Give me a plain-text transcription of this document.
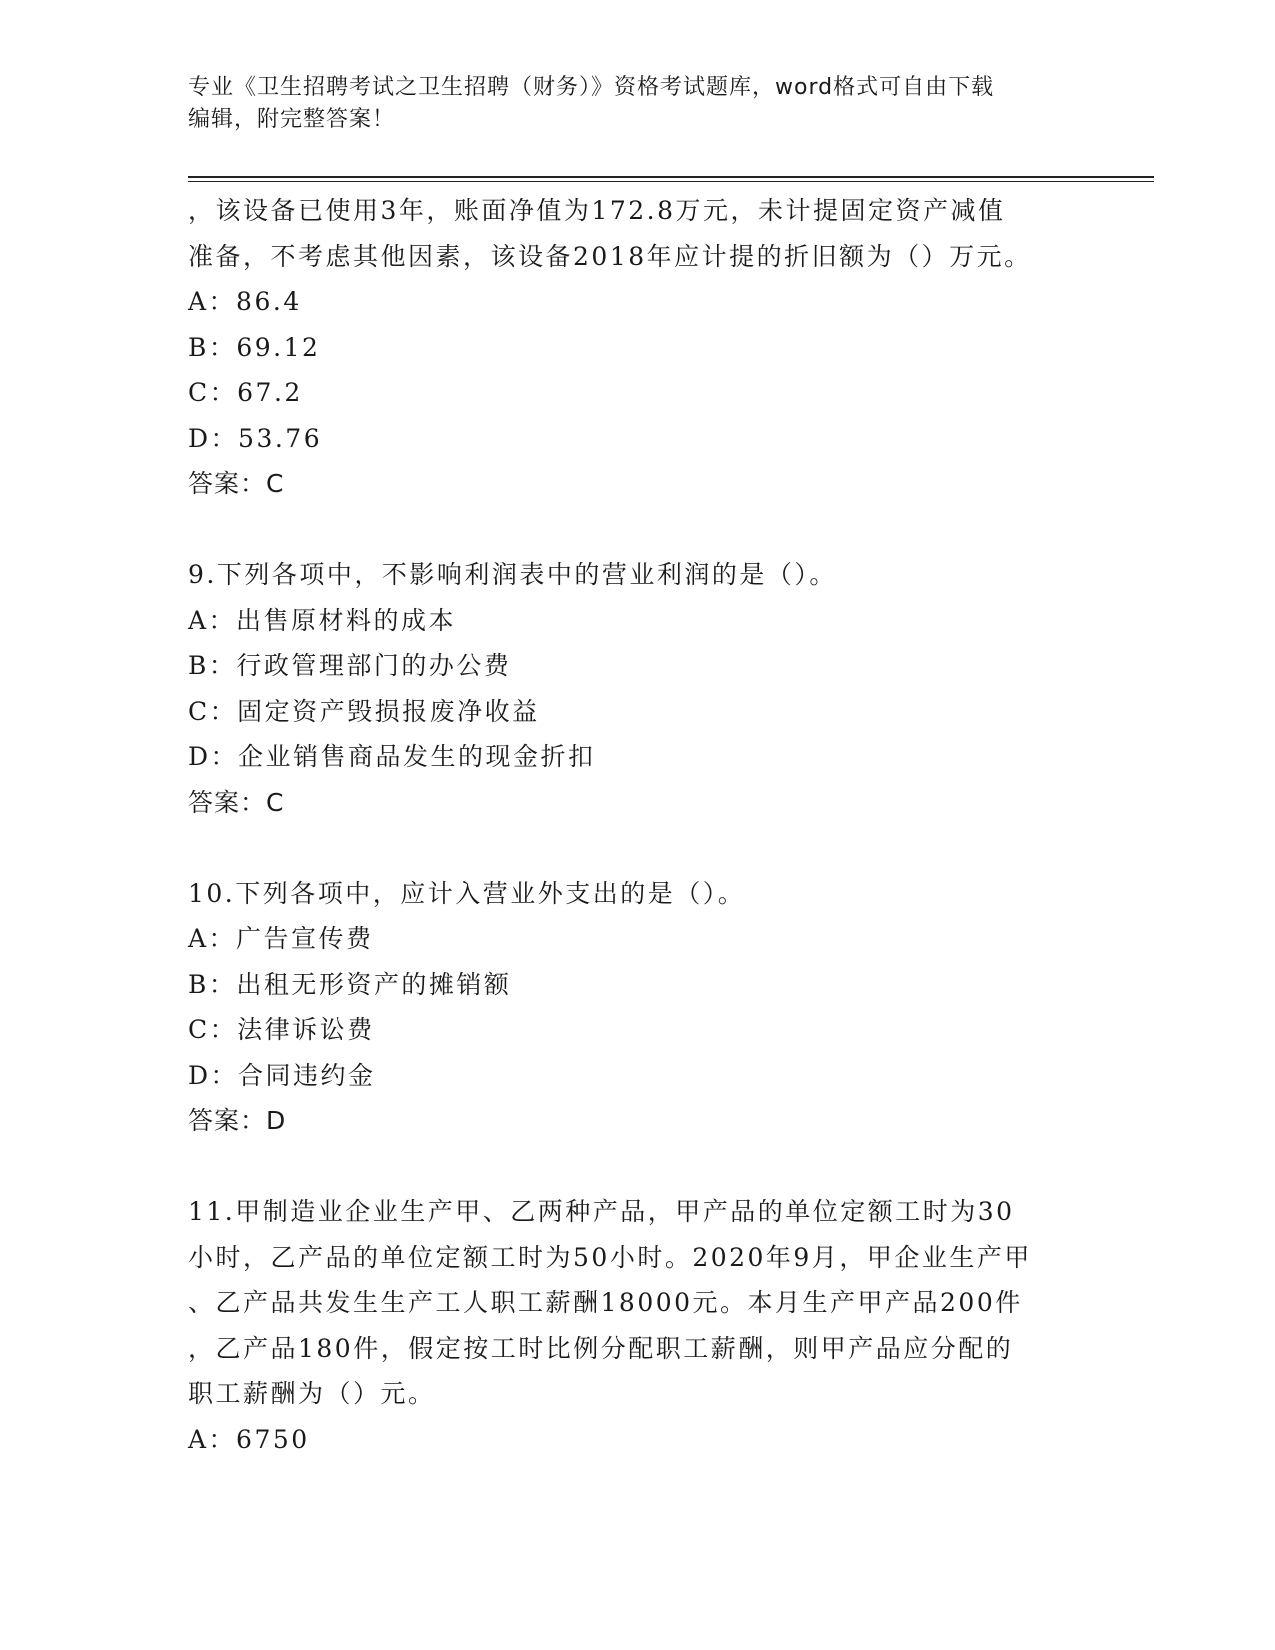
专业《卫生招聘考试之卫生招聘（财务）》资格考试题库，word格式可自由下载
编辑，附完整答案！
，该设备已使用3年，账面净值为172.8万元，未计提固定资产减值
准备，不考虑其他因素，该设备2018年应计提的折旧额为（）万元。
A：86.4
B：69.12
C：67.2
D：53.76
答案：C
9.下列各项中，不影响利润表中的营业利润的是（）。
A：出售原材料的成本
B：行政管理部门的办公费
C：固定资产毁损报废净收益
D：企业销售商品发生的现金折扣
答案：C
10.下列各项中，应计入营业外支出的是（）。
A：广告宣传费
B：出租无形资产的摊销额
C：法律诉讼费
D：合同违约金
答案：D
11.甲制造业企业生产甲、乙两种产品，甲产品的单位定额工时为30
小时，乙产品的单位定额工时为50小时。2020年9月，甲企业生产甲
、乙产品共发生生产工人职工薪酬18000元。本月生产甲产品200件
，乙产品180件，假定按工时比例分配职工薪酬，则甲产品应分配的
职工薪酬为（）元。
A：6750
